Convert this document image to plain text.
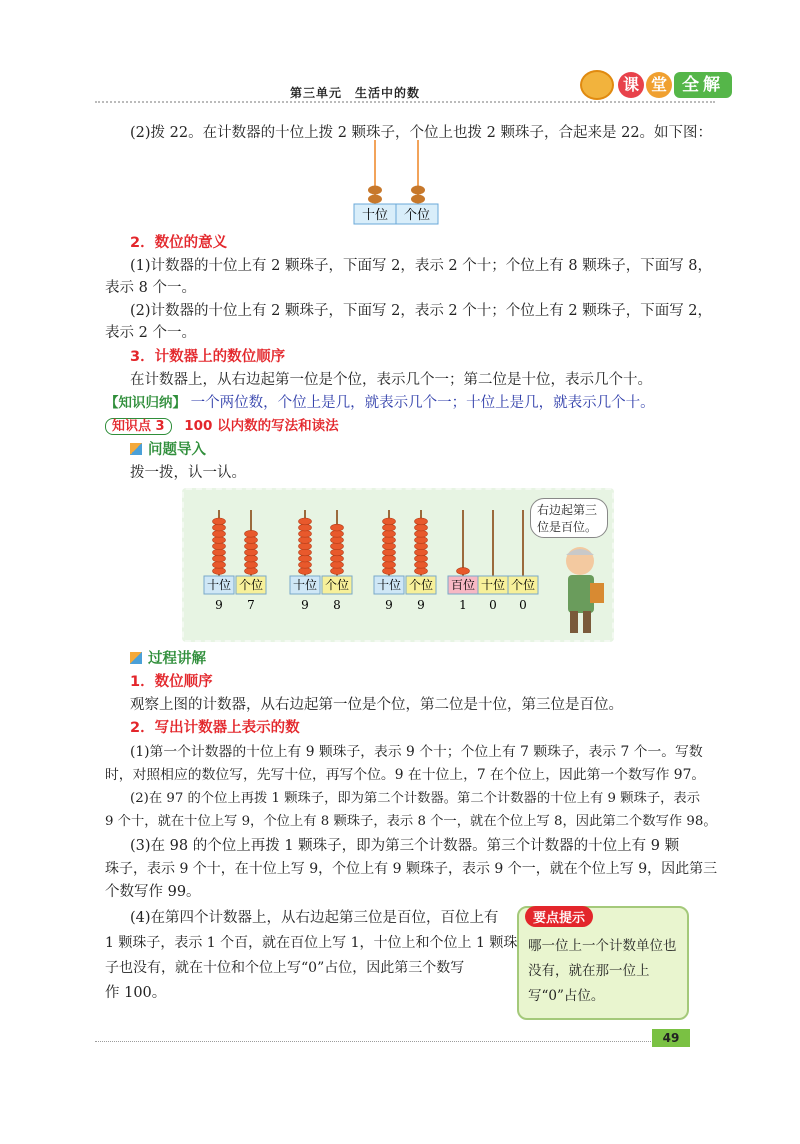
第三单元　生活中的数	课 堂 全解

(2)拨 22。在计数器的十位上拨 2 颗珠子，个位上也拨 2 颗珠子，合起来是 22。如下图：

十位 个位

2．数位的意义

(1)计数器的十位上有 2 颗珠子，下面写 2，表示 2 个十；个位上有 8 颗珠子，下面写 8，

表示 8 个一。

(2)计数器的十位上有 2 颗珠子，下面写 2，表示 2 个十；个位上有 2 颗珠子，下面写 2，

表示 2 个一。

3．计数器上的数位顺序

在计数器上，从右边起第一位是个位，表示几个一；第二位是十位，表示几个十。

【知识归纳】 一个两位数，个位上是几，就表示几个一；十位上是几，就表示几个十。

知识点 3 100 以内数的写法和读法

问题导入

拨一拨，认一认。

十位
9
个位
7
十位
9
个位
8
十位
9
个位
9
百位
1
十位
0
个位
0
右边起第三位是百位。

过程讲解

1．数位顺序

观察上图的计数器，从右边起第一位是个位，第二位是十位，第三位是百位。

2．写出计数器上表示的数

(1)第一个计数器的十位上有 9 颗珠子，表示 9 个十；个位上有 7 颗珠子，表示 7 个一。写数

时，对照相应的数位写，先写十位，再写个位。9 在十位上，7 在个位上，因此第一个数写作 97。

(2)在 97 的个位上再拨 1 颗珠子，即为第二个计数器。第二个计数器的十位上有 9 颗珠子，表示

9 个十，就在十位上写 9，个位上有 8 颗珠子，表示 8 个一，就在个位上写 8，因此第二个数写作 98。

(3)在 98 的个位上再拨 1 颗珠子，即为第三个计数器。第三个计数器的十位上有 9 颗

珠子，表示 9 个十，在十位上写 9，个位上有 9 颗珠子，表示 9 个一，就在个位上写 9，因此第三

个数写作 99。

(4)在第四个计数器上，从右边起第三位是百位，百位上有

1 颗珠子，表示 1 个百，就在百位上写 1，十位上和个位上 1 颗珠

子也没有，就在十位和个位上写“0”占位，因此第三个数写

作 100。

要点提示
哪一位上一个计数单位也没有，就在那一位上写“0”占位。
49
